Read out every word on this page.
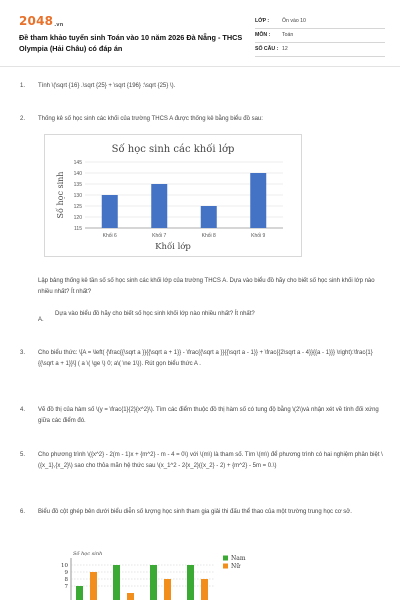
2048.vn
Đề tham khảo tuyển sinh Toán vào 10 năm 2026 Đà Nẵng - THCS Olympia (Hải Châu) có đáp án
LỚP : Ôn vào 10
MÔN : Toán
SỐ CÂU : 12
1.	Tính \(\sqrt {16} .\sqrt {25} + \sqrt {196} :\sqrt {25} \).
2.	Thống kê số học sinh các khối của trường THCS A được thống kê bằng biểu đồ sau:
Số học sinh các khối lớp
115
120
125
130
135
140
145
Khối 6	Khối 7	Khối 8	Khối 9
Khối lớp
Số học sinh
Lập bảng thống kê tần số số học sinh các khối lớp của trường THCS A. Dựa vào biểu đồ hãy cho biết số học sinh khối lớp nào nhiều nhất? Ít nhất?
A.
Dựa vào biểu đồ hãy cho biết số học sinh khối lớp nào nhiều nhất? Ít nhất?
3.	Cho biểu thức: \[A = \left( {\frac{{\sqrt a }}{{\sqrt a + 1}} - \frac{{\sqrt a }}{{\sqrt a - 1}} + \frac{{2\sqrt a - 4}}{{a - 1}}} \right):\frac{1}{{\sqrt a + 1}}\] ( a \( \ge \) 0; a\( \ne 1\)). Rút gọn biểu thức A .
4.	Vẽ đồ thị của hàm số \(y = \frac{1}{2}{x^2}\). Tìm các điểm thuộc đồ thị hàm số có tung độ bằng \(2\)và nhận xét về tính đối xứng giữa các điểm đó.
5.	Cho phương trình \({x^2} - 2(m - 1)x + {m^2} - m - 4 = 0\) với \(m\) là tham số. Tìm \(m\) để phương trình có hai nghiệm phân biệt \({x_1},{x_2}\) sao cho thỏa mãn hệ thức sau \(x_1^2 - 2{x_2}({x_2} - 2) + {m^2} - 5m = 0.\)
6.	Biểu đồ cột ghép bên dưới biểu diễn số lượng học sinh tham gia giải thi đấu thể thao của một trường trung học cơ sở.
Số học sinh
7
8
9
10
Nam
Nữ
